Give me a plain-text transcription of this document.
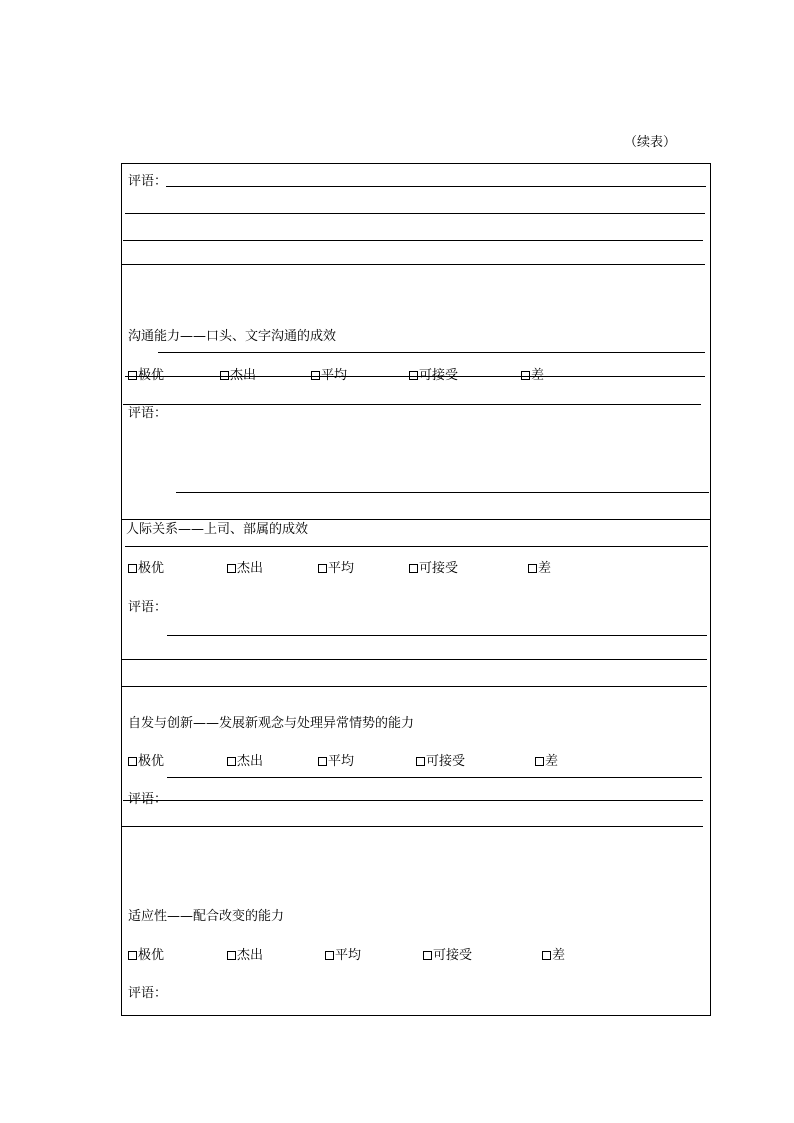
（续表）
评语：
沟通能力——口头、文字沟通的成效
极优	杰出	平均	可接受	差
评语：
人际关系——上司、部属的成效
极优	杰出	平均	可接受	差
评语：
自发与创新——发展新观念与处理异常情势的能力
极优	杰出	平均	可接受	差
评语：
适应性——配合改变的能力
极优	杰出	平均	可接受	差
评语：
